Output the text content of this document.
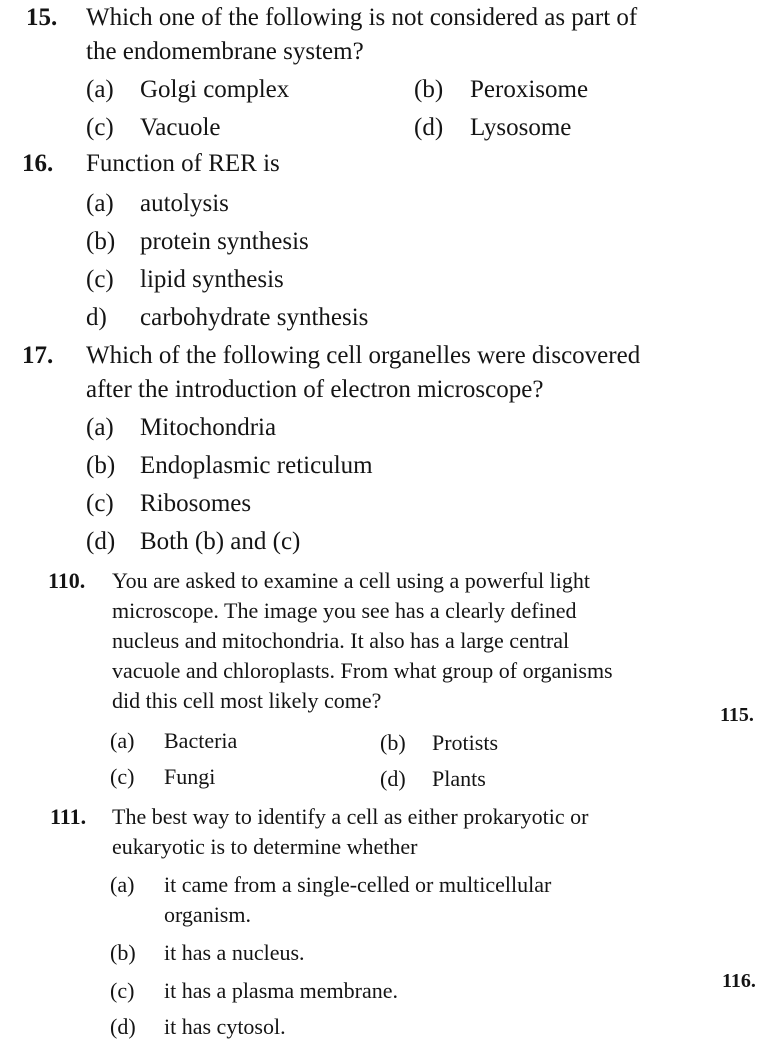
15. Which one of the following is not considered as part of
the endomembrane system?
(a) Golgi complex	(b) Peroxisome
(c) Vacuole	(d) Lysosome
16. Function of RER is
(a) autolysis
(b) protein synthesis
(c) lipid synthesis
d) carbohydrate synthesis
17. Which of the following cell organelles were discovered
after the introduction of electron microscope?
(a) Mitochondria
(b) Endoplasmic reticulum
(c) Ribosomes
(d) Both (b) and (c)
110. You are asked to examine a cell using a powerful light
microscope. The image you see has a clearly defined
nucleus and mitochondria. It also has a large central
vacuole and chloroplasts. From what group of organisms
did this cell most likely come?
(a) Bacteria	(b) Protists
(c) Fungi	(d) Plants
111. The best way to identify a cell as either prokaryotic or
eukaryotic is to determine whether
(a) it came from a single-celled or multicellular
organism.
(b) it has a nucleus.
(c) it has a plasma membrane.
(d) it has cytosol.
115.
116.
